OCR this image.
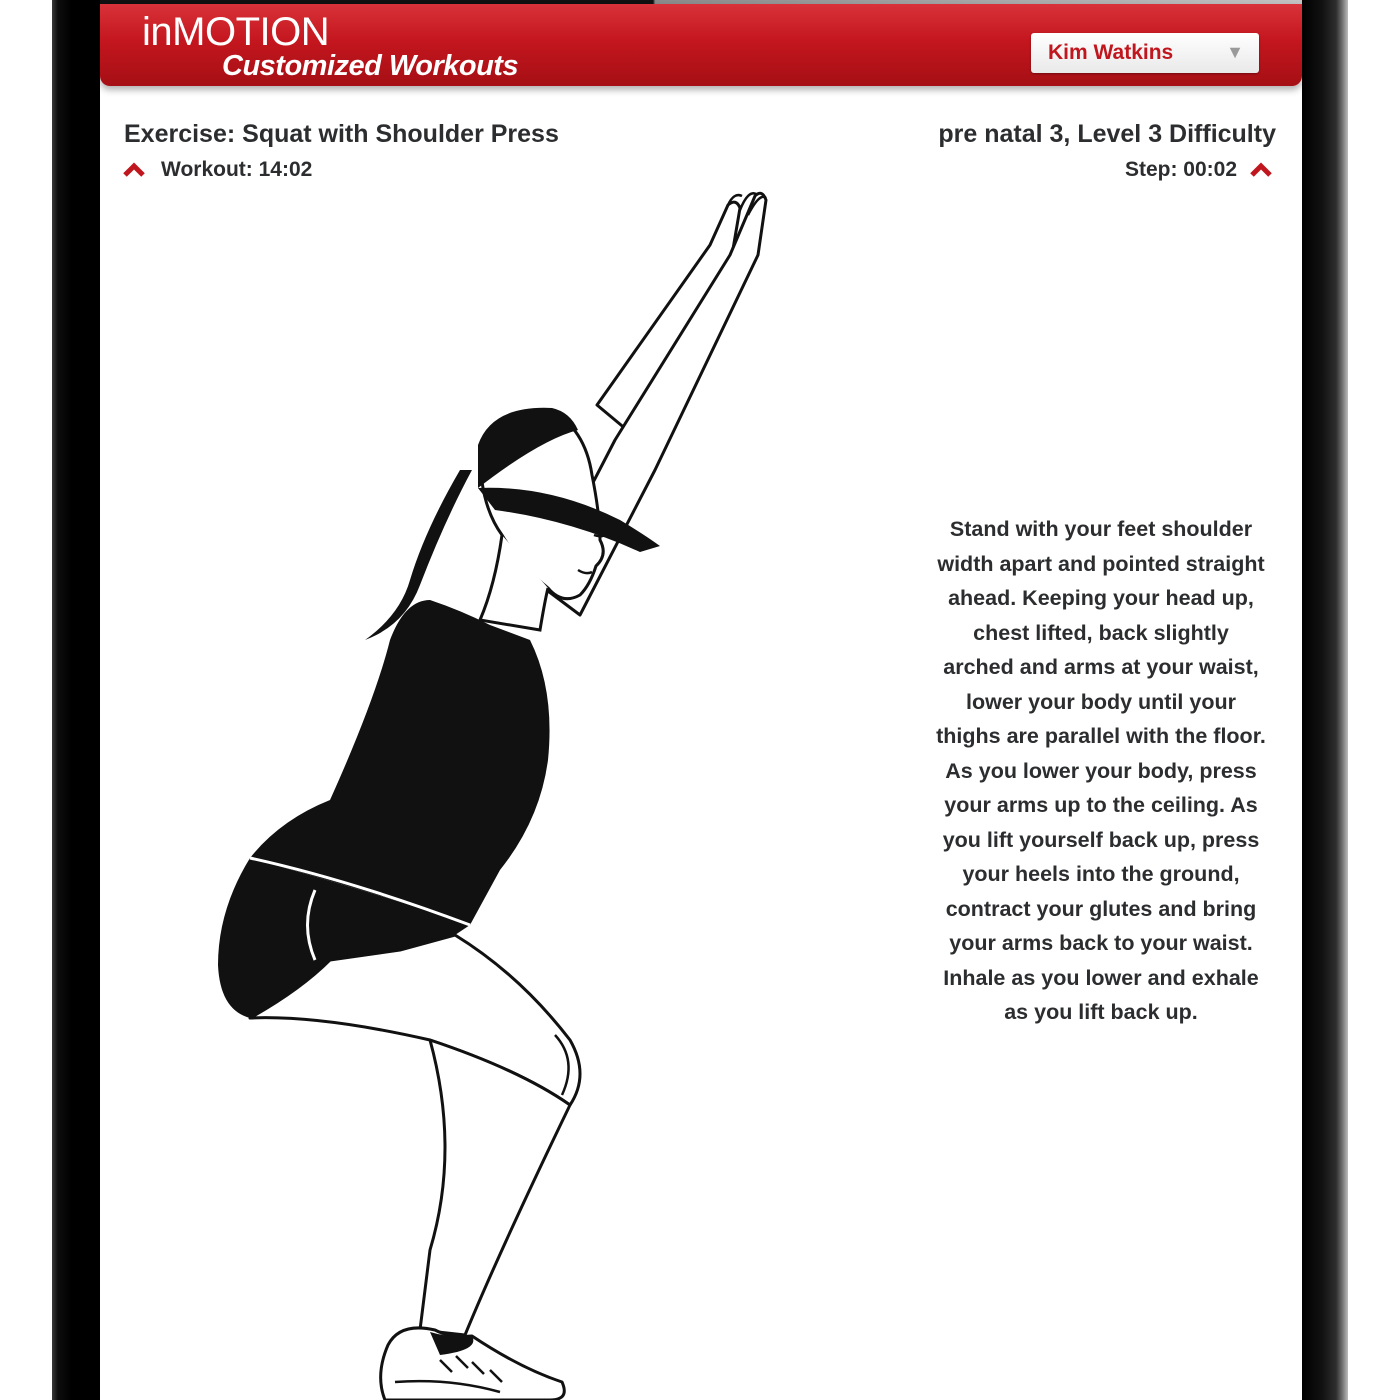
inMOTION
Customized Workouts	Kim Watkins	▼
Exercise: Squat with Shoulder Press	pre natal 3, Level 3 Difficulty
Workout: 14:02	Step: 00:02

Stand with your feet shoulder width apart and pointed straight ahead. Keeping your head up, chest lifted, back slightly arched and arms at your waist, lower your body until your thighs are parallel with the floor. As you lower your body, press your arms up to the ceiling. As you lift yourself back up, press your heels into the ground, contract your glutes and bring your arms back to your waist. Inhale as you lower and exhale as you lift back up.
